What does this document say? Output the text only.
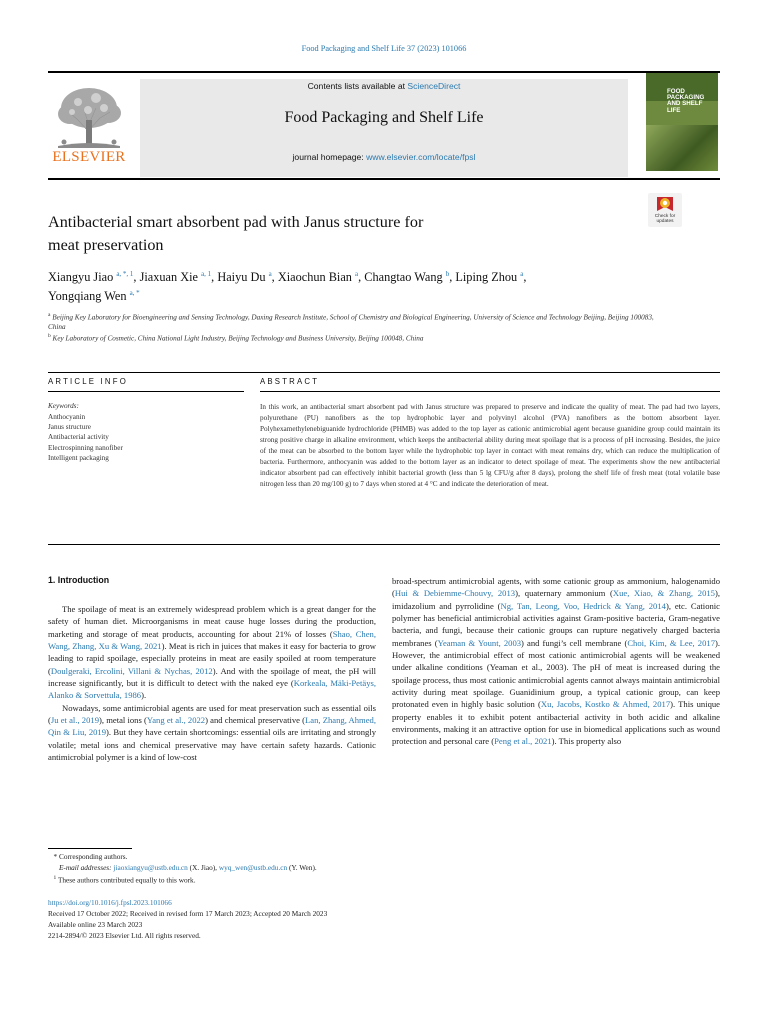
Food Packaging and Shelf Life 37 (2023) 101066
ELSEVIER
Contents lists available at ScienceDirect
Food Packaging and Shelf Life
journal homepage: www.elsevier.com/locate/fpsl
FOOD PACKAGING AND SHELF LIFE
Check for updates
Antibacterial smart absorbent pad with Janus structure for
meat preservation
Xiangyu Jiao $^{a, *, 1}$, Jiaxuan Xie $^{a, 1}$, Haiyu Du $^a$, Xiaochun Bian $^a$, Changtao Wang $^b$, Liping Zhou $^a$,
Yongqiang Wen $^{a, *}$
$^a$ Beijing Key Laboratory for Bioengineering and Sensing Technology, Daxing Research Institute, School of Chemistry and Biological Engineering, University of Science and Technology Beijing, Beijing 100083, China
$^b$ Key Laboratory of Cosmetic, China National Light Industry, Beijing Technology and Business University, Beijing 100048, China
ARTICLE INFO
Keywords:
Anthocyanin
Janus structure
Antibacterial activity
Electrospinning nanofiber
Intelligent packaging
ABSTRACT
In this work, an antibacterial smart absorbent pad with Janus structure was prepared to preserve and indicate the quality of meat. The pad had two layers, polyurethane (PU) nanofibers as the top hydrophobic layer and polyvinyl alcohol (PVA) nanofibers as the bottom absorbent layer. Polyhexamethylenebiguanide hydrochloride (PHMB) was added to the top layer as cationic antimicrobial agent because guanidine group could maintain its strong positive charge in alkaline environment, which keeps the antibacterial ability during meat spoilage that is a process of pH increasing. Besides, the juice of the meat can be absorbed to the bottom layer while the hydrophobic top layer in contact with meat remains dry, which can reduce the multiplication of bacteria. Furthermore, anthocyanin was added to the bottom layer as an indicator to detect spoilage of meat. The experiments show the new antibacterial indicator absorbent pad can effectively inhibit bacterial growth (less than 5 lg CFU/g after 8 days), prolong the shelf life of fresh meat (total volatile base nitrogen less than 20 mg/100 g) to 7 days when stored at 4 °C and indicate the deterioration of meat.
1. Introduction

The spoilage of meat is an extremely widespread problem which is a great danger for the safety of human diet. Microorganisms in meat cause huge losses during the production, marketing and storage of meat products, accounting for about 21% of losses (Shao, Chen, Wang, Zhang, Xu & Wang, 2021). Meat is rich in juices that makes it easy for bacteria to grow leading to rapid spoilage, especially proteins in meat are easily spoiled at room temperature (Doulgeraki, Ercolini, Villani & Nychas, 2012). And with the spoilage of meat, the pH will increase significantly, but it is difficult to detect with the naked eye (Korkeala, Mäki-Petäys, Alanko & Sorvettula, 1986).

Nowadays, some antimicrobial agents are used for meat preservation such as essential oils (Ju et al., 2019), metal ions (Yang et al., 2022) and chemical preservative (Lan, Zhang, Ahmed, Qin & Liu, 2019). But they have certain shortcomings: essential oils are irritating and strongly volatile; metal ions and chemical preservative may have certain safety hazards. Cationic antimicrobial polymer is a kind of low-cost

broad-spectrum antimicrobial agents, with some cationic group as ammonium, halogenamido (Hui & Debiemme-Chouvy, 2013), quaternary ammonium (Xue, Xiao, & Zhang, 2015), imidazolium and pyrrolidine (Ng, Tan, Leong, Voo, Hedrick & Yang, 2014), etc. Cationic polymer has beneficial antimicrobial activities against Gram-positive bacteria, Gram-negative bacteria, and fungi, because their cationic groups can rupture negatively charged bacteria membranes (Yeaman & Yount, 2003) and fungi’s cell membrane (Choi, Kim, & Lee, 2017). However, the antimicrobial effect of most cationic antimicrobial agents will be weakened under alkaline conditions (Yeaman et al., 2003). The pH of meat is increased during the spoilage process, thus most cationic antimicrobial agents cannot always maintain antimicrobial activity during meat spoilage. Guanidinium group, a typical cationic group, can keep protonated even in highly basic solution (Xu, Jacobs, Kostko & Ahmed, 2017). This unique property enables it to exhibit potent antibacterial activity in both acidic and alkaline environments, making it an attractive option for use in biomedical applications such as wound protection and personal care (Peng et al., 2021). This property also

* Corresponding authors.
E-mail addresses: jiaoxiangyu@ustb.edu.cn (X. Jiao), wyq_wen@ustb.edu.cn (Y. Wen).
$^1$ These authors contributed equally to this work.
https://doi.org/10.1016/j.fpsl.2023.101066
Received 17 October 2022; Received in revised form 17 March 2023; Accepted 20 March 2023
Available online 23 March 2023
2214-2894/© 2023 Elsevier Ltd. All rights reserved.
